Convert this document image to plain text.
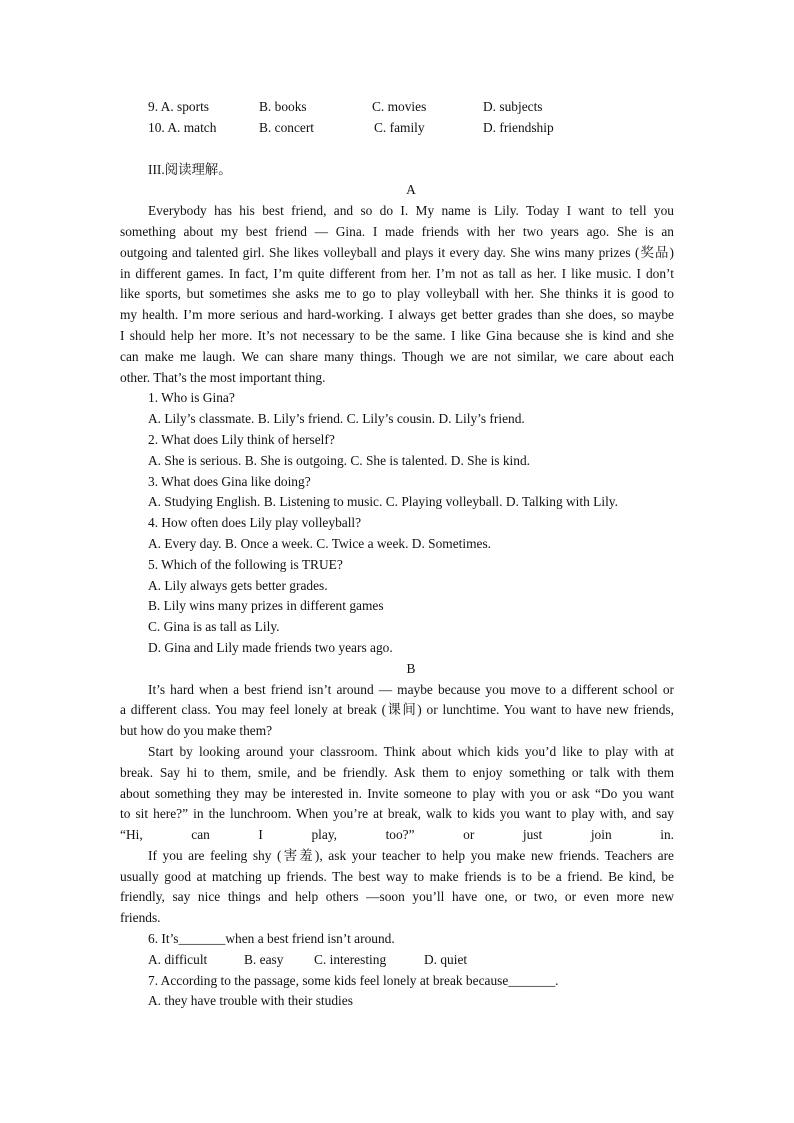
9. A. sports	B. books	C. movies	D. subjects
10. A. match	B. concert	C. family	D. friendship
III.阅读理解。
A
Everybody has his best friend, and so do I. My name is Lily. Today I want to tell you
something about my best friend — Gina. I made friends with her two years ago. She is an
outgoing and talented girl. She likes volleyball and plays it every day. She wins many prizes (奖品)
in different games. In fact, I’m quite different from her. I’m not as tall as her. I like music. I don’t
like sports, but sometimes she asks me to go to play volleyball with her. She thinks it is good to
my health. I’m more serious and hard-working. I always get better grades than she does, so maybe
I should help her more. It’s not necessary to be the same. I like Gina because she is kind and she
can make me laugh. We can share many things. Though we are not similar, we care about each
other. That’s the most important thing.
1. Who is Gina?
A. Lily’s classmate. B. Lily’s friend. C. Lily’s cousin. D. Lily’s friend.
2. What does Lily think of herself?
A. She is serious. B. She is outgoing. C. She is talented. D. She is kind.
3. What does Gina like doing?
A. Studying English. B. Listening to music. C. Playing volleyball. D. Talking with Lily.
4. How often does Lily play volleyball?
A. Every day. B. Once a week. C. Twice a week. D. Sometimes.
5. Which of the following is TRUE?
A. Lily always gets better grades.
B. Lily wins many prizes in different games
C. Gina is as tall as Lily.
D. Gina and Lily made friends two years ago.
B
It’s hard when a best friend isn’t around — maybe because you move to a different school or
a different class. You may feel lonely at break (课间) or lunchtime. You want to have new friends,
but how do you make them?
Start by looking around your classroom. Think about which kids you’d like to play with at
break. Say hi to them, smile, and be friendly. Ask them to enjoy something or talk with them
about something they may be interested in. Invite someone to play with you or ask “Do you want
to sit here?” in the lunchroom. When you’re at break, walk to kids you want to play with, and say
“Hi, can I play, too?” or just join in.
If you are feeling shy (害羞), ask your teacher to help you make new friends. Teachers are
usually good at matching up friends. The best way to make friends is to be a friend. Be kind, be
friendly, say nice things and help others —soon you’ll have one, or two, or even more new
friends.
6. It’s_______when a best friend isn’t around.
A. difficult	B. easy C. interesting	D. quiet
7. According to the passage, some kids feel lonely at break because_______.
A. they have trouble with their studies
